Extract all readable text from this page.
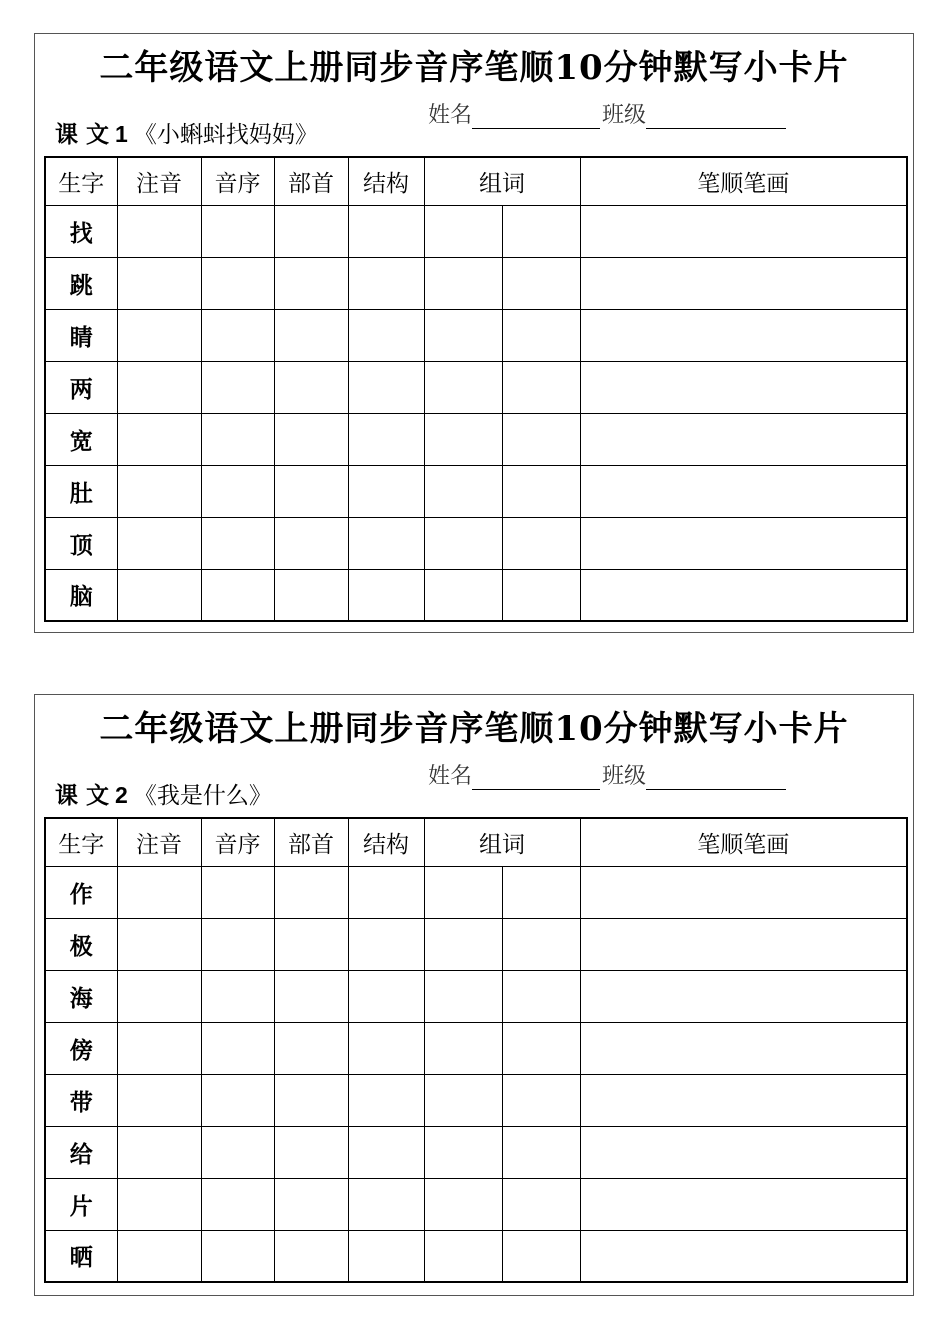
二年级语文上册同步音序笔顺10分钟默写小卡片
课 文 1 《小蝌蚪找妈妈》
姓名	班级
生字	注音	音序	部首	结构	组词		笔顺笔画
找							
跳							
睛							
两							
宽							
肚							
顶							
脑							
二年级语文上册同步音序笔顺10分钟默写小卡片
课 文 2 《我是什么》
姓名	班级
生字	注音	音序	部首	结构	组词		笔顺笔画
作							
极							
海							
傍							
带							
给							
片							
晒							
